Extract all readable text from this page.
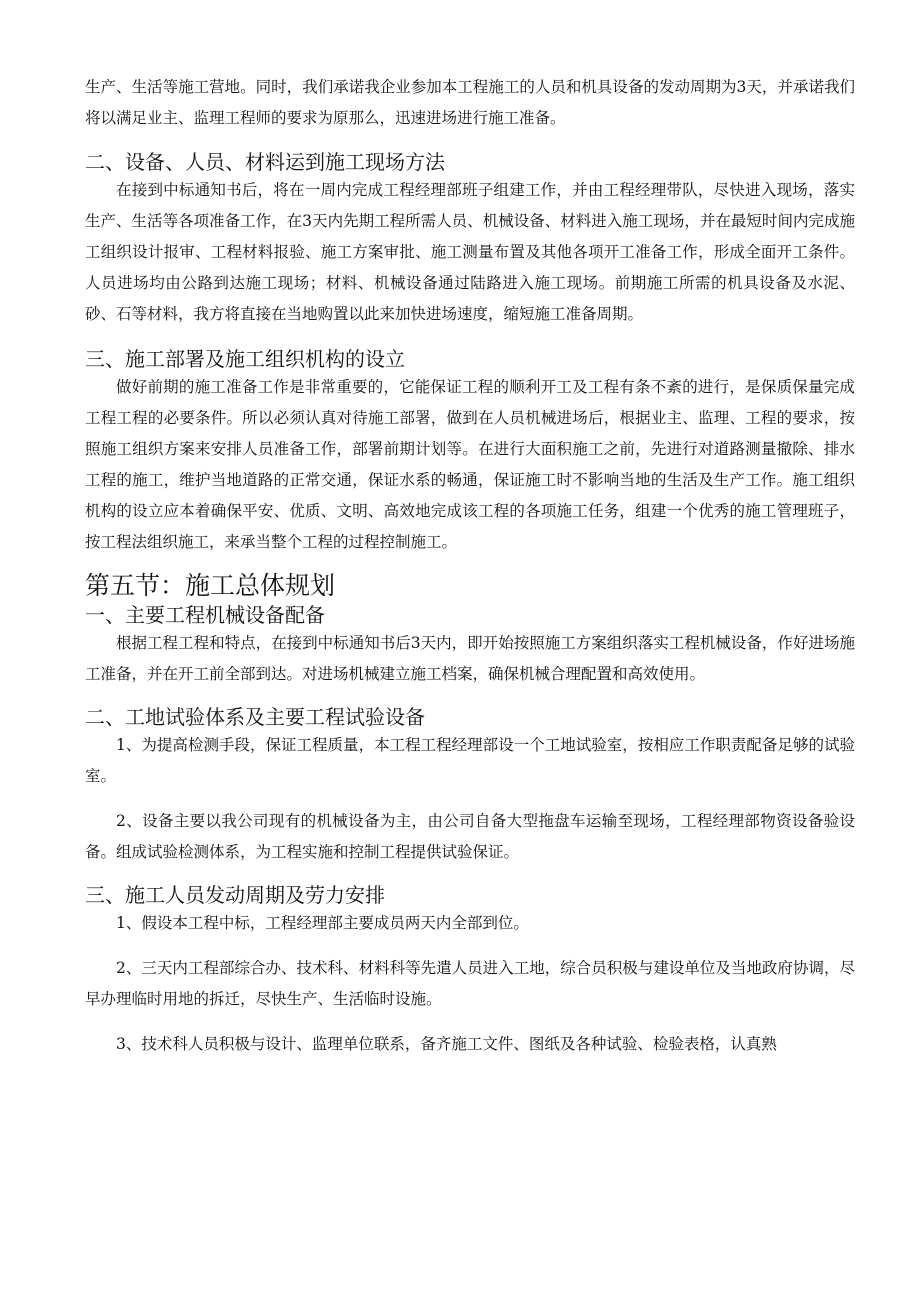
生产、生活等施工营地。同时，我们承诺我企业参加本工程施工的人员和机具设备的发动周期为3天，并承诺我们将以满足业主、监理工程师的要求为原那么，迅速进场进行施工准备。

二、设备、人员、材料运到施工现场方法

在接到中标通知书后，将在一周内完成工程经理部班子组建工作，并由工程经理带队，尽快进入现场，落实生产、生活等各项准备工作，在3天内先期工程所需人员、机械设备、材料进入施工现场，并在最短时间内完成施工组织设计报审、工程材料报验、施工方案审批、施工测量布置及其他各项开工准备工作，形成全面开工条件。人员进场均由公路到达施工现场；材料、机械设备通过陆路进入施工现场。前期施工所需的机具设备及水泥、砂、石等材料，我方将直接在当地购置以此来加快进场速度，缩短施工准备周期。

三、施工部署及施工组织机构的设立

做好前期的施工准备工作是非常重要的，它能保证工程的顺利开工及工程有条不紊的进行，是保质保量完成工程工程的必要条件。所以必须认真对待施工部署，做到在人员机械进场后，根据业主、监理、工程的要求，按照施工组织方案来安排人员准备工作，部署前期计划等。在进行大面积施工之前，先进行对道路测量撤除、排水工程的施工，维护当地道路的正常交通，保证水系的畅通，保证施工时不影响当地的生活及生产工作。施工组织机构的设立应本着确保平安、优质、文明、高效地完成该工程的各项施工任务，组建一个优秀的施工管理班子，按工程法组织施工，来承当整个工程的过程控制施工。

第五节：施工总体规划
一、主要工程机械设备配备

根据工程工程和特点，在接到中标通知书后3天内，即开始按照施工方案组织落实工程机械设备，作好进场施工准备，并在开工前全部到达。对进场机械建立施工档案，确保机械合理配置和高效使用。

二、工地试验体系及主要工程试验设备

1、为提高检测手段，保证工程质量，本工程工程经理部设一个工地试验室，按相应工作职责配备足够的试验室。

2、设备主要以我公司现有的机械设备为主，由公司自备大型拖盘车运输至现场，工程经理部物资设备验设备。组成试验检测体系，为工程实施和控制工程提供试验保证。

三、施工人员发动周期及劳力安排

1、假设本工程中标，工程经理部主要成员两天内全部到位。

2、三天内工程部综合办、技术科、材料科等先遣人员进入工地，综合员积极与建设单位及当地政府协调，尽早办理临时用地的拆迁，尽快生产、生活临时设施。

3、技术科人员积极与设计、监理单位联系，备齐施工文件、图纸及各种试验、检验表格，认真熟
